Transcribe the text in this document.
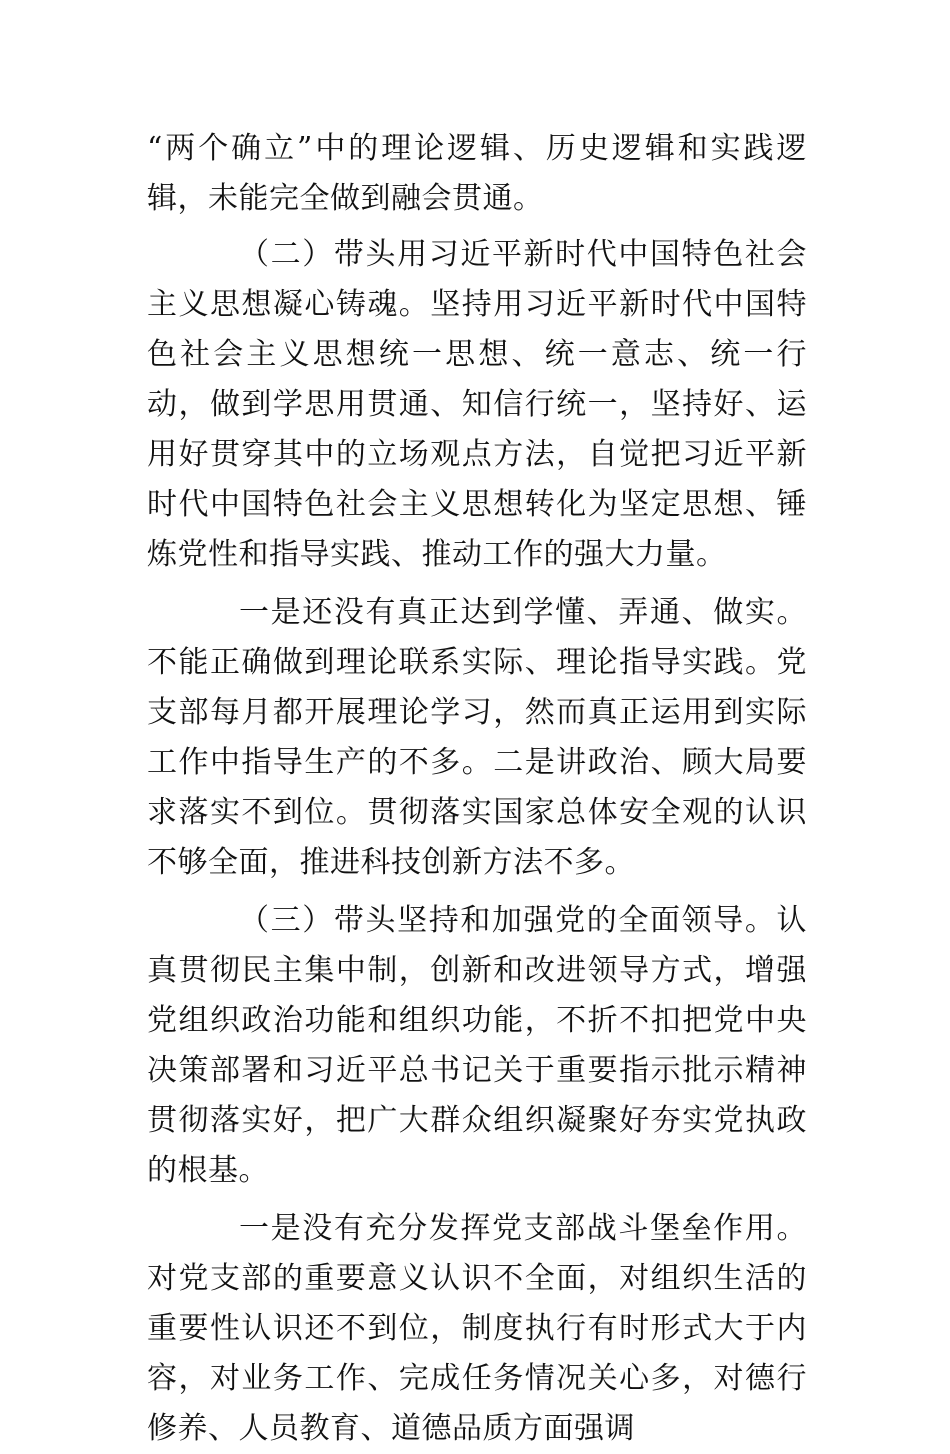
“两个确立”中的理论逻辑、历史逻辑和实践逻辑，未能完全做到融会贯通。

（二）带头用习近平新时代中国特色社会主义思想凝心铸魂。坚持用习近平新时代中国特色社会主义思想统一思想、统一意志、统一行动，做到学思用贯通、知信行统一，坚持好、运用好贯穿其中的立场观点方法，自觉把习近平新时代中国特色社会主义思想转化为坚定思想、锤炼党性和指导实践、推动工作的强大力量。

一是还没有真正达到学懂、弄通、做实。不能正确做到理论联系实际、理论指导实践。党支部每月都开展理论学习，然而真正运用到实际工作中指导生产的不多。二是讲政治、顾大局要求落实不到位。贯彻落实国家总体安全观的认识不够全面，推进科技创新方法不多。

（三）带头坚持和加强党的全面领导。认真贯彻民主集中制，创新和改进领导方式，增强党组织政治功能和组织功能，不折不扣把党中央决策部署和习近平总书记关于重要指示批示精神贯彻落实好，把广大群众组织凝聚好夯实党执政的根基。

一是没有充分发挥党支部战斗堡垒作用。对党支部的重要意义认识不全面，对组织生活的重要性认识还不到位，制度执行有时形式大于内容，对业务工作、完成任务情况关心多，对德行修养、人员教育、道德品质方面强调
